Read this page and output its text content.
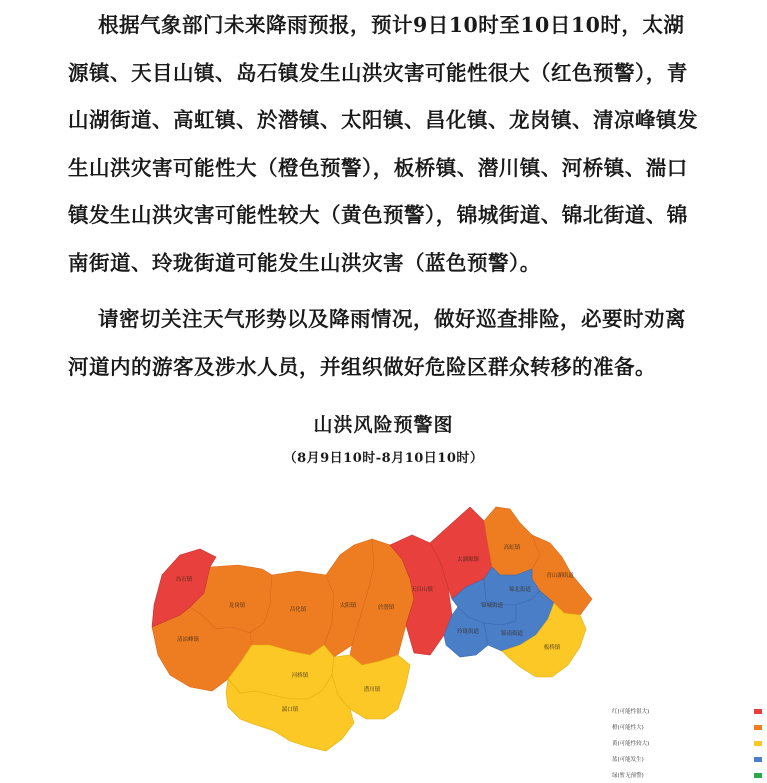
根据气象部门未来降雨预报，预计9日10时至10日10时，太湖源镇、天目山镇、岛石镇发生山洪灾害可能性很大（红色预警），青山湖街道、高虹镇、於潜镇、太阳镇、昌化镇、龙岗镇、清凉峰镇发生山洪灾害可能性大（橙色预警），板桥镇、潜川镇、河桥镇、湍口镇发生山洪灾害可能性较大（黄色预警），锦城街道、锦北街道、锦南街道、玲珑街道可能发生山洪灾害（蓝色预警）。

请密切关注天气形势以及降雨情况，做好巡查排险，必要时劝离河道内的游客及涉水人员，并组织做好危险区群众转移的准备。

山洪风险预警图
（8月9日10时-8月10日10时）
岛石镇
龙岗镇
昌化镇
太阳镇	於潜镇
天目山镇
太湖源镇
高虹镇
青山湖街道
锦北街道
锦城街道
玲珑街道	锦南街道
板桥镇
清凉峰镇
河桥镇
潜川镇
湍口镇	红(可能性很大)
橙(可能性大)
黄(可能性较大)
蓝(可能发生)
绿(暂无预警)
